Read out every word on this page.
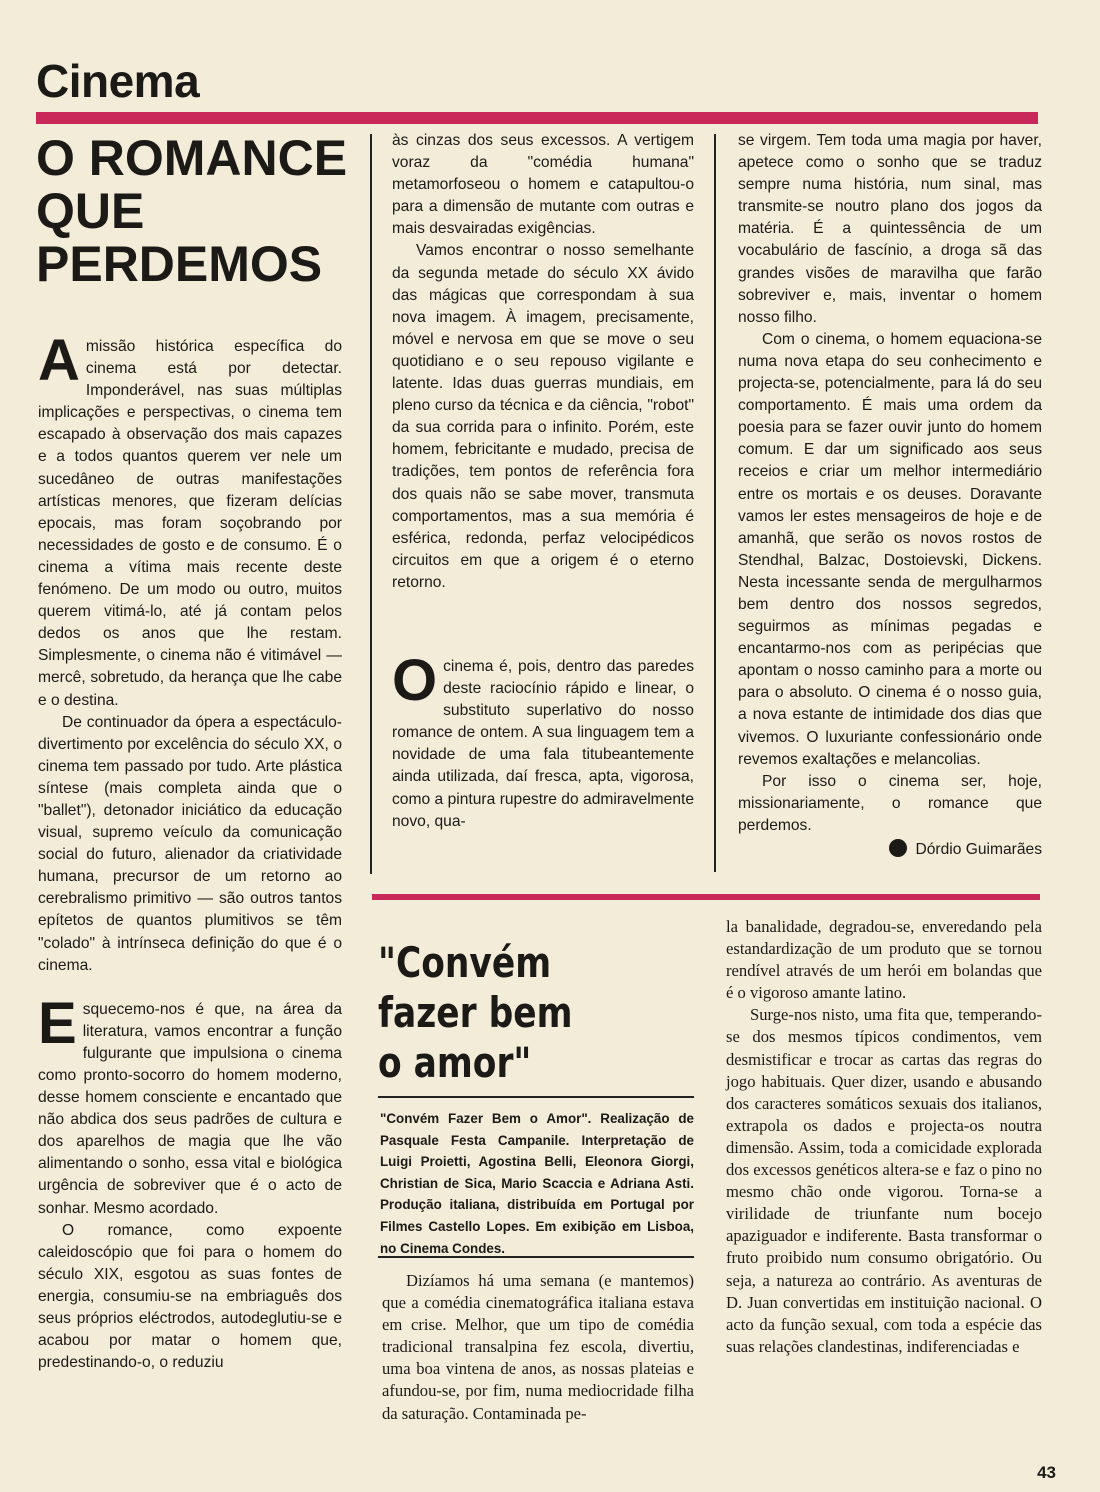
Cinema
O ROMANCE
QUE
PERDEMOS

Amissão histórica específica do cinema está por detectar. Imponderável, nas suas múltiplas implicações e perspectivas, o cinema tem escapado à observação dos mais capazes e a todos quantos querem ver nele um sucedâneo de outras manifestações artísticas menores, que fizeram delícias epocais, mas foram soçobrando por necessidades de gosto e de consumo. É o cinema a vítima mais recente deste fenómeno. De um modo ou outro, muitos querem vitimá-lo, até já contam pelos dedos os anos que lhe restam. Simplesmente, o cinema não é vitimável — mercê, sobretudo, da herança que lhe cabe e o destina.

De continuador da ópera a espectáculo-divertimento por excelência do século XX, o cinema tem passado por tudo. Arte plástica síntese (mais completa ainda que o "ballet"), detonador iniciático da educação visual, supremo veículo da comunicação social do futuro, alienador da criatividade humana, precursor de um retorno ao cerebralismo primitivo — são outros tantos epítetos de quantos plumitivos se têm "colado" à intrínseca definição do que é o cinema.

Esquecemo-nos é que, na área da literatura, vamos encontrar a função fulgurante que impulsiona o cinema como pronto-socorro do homem moderno, desse homem consciente e encantado que não abdica dos seus padrões de cultura e dos aparelhos de magia que lhe vão alimentando o sonho, essa vital e biológica urgência de sobreviver que é o acto de sonhar. Mesmo acordado.

O romance, como expoente caleidoscópio que foi para o homem do século XIX, esgotou as suas fontes de energia, consumiu-se na embriaguês dos seus próprios eléctrodos, autodeglutiu-se e acabou por matar o homem que, predestinando-o, o reduziu

às cinzas dos seus excessos. A vertigem voraz da "comédia humana" metamorfoseou o homem e catapultou-o para a dimensão de mutante com outras e mais desvairadas exigências.

Vamos encontrar o nosso semelhante da segunda metade do século XX ávido das mágicas que correspondam à sua nova imagem. À imagem, precisamente, móvel e nervosa em que se move o seu quotidiano e o seu repouso vigilante e latente. Idas duas guerras mundiais, em pleno curso da técnica e da ciência, "robot" da sua corrida para o infinito. Porém, este homem, febricitante e mudado, precisa de tradições, tem pontos de referência fora dos quais não se sabe mover, transmuta comportamentos, mas a sua memória é esférica, redonda, perfaz velocipédicos circuitos em que a origem é o eterno retorno.

Ocinema é, pois, dentro das paredes deste raciocínio rápido e linear, o substituto superlativo do nosso romance de ontem. A sua linguagem tem a novidade de uma fala titubeantemente ainda utilizada, daí fresca, apta, vigorosa, como a pintura rupestre do admiravelmente novo, qua-

se virgem. Tem toda uma magia por haver, apetece como o sonho que se traduz sempre numa história, num sinal, mas transmite-se noutro plano dos jogos da matéria. É a quintessência de um vocabulário de fascínio, a droga sã das grandes visões de maravilha que farão sobreviver e, mais, inventar o homem nosso filho.

Com o cinema, o homem equaciona-se numa nova etapa do seu conhecimento e projecta-se, potencialmente, para lá do seu comportamento. É mais uma ordem da poesia para se fazer ouvir junto do homem comum. E dar um significado aos seus receios e criar um melhor intermediário entre os mortais e os deuses. Doravante vamos ler estes mensageiros de hoje e de amanhã, que serão os novos rostos de Stendhal, Balzac, Dostoievski, Dickens. Nesta incessante senda de mergulharmos bem dentro dos nossos segredos, seguirmos as mínimas pegadas e encantarmo-nos com as peripécias que apontam o nosso caminho para a morte ou para o absoluto. O cinema é o nosso guia, a nova estante de intimidade dos dias que vivemos. O luxuriante confessionário onde revemos exaltações e melancolias.

Por isso o cinema ser, hoje, missionariamente, o romance que perdemos.

Dórdio Guimarães
"Convém
fazer bem
o amor"
"Convém Fazer Bem o Amor". Realização de Pasquale Festa Campanile. Interpretação de Luigi Proietti, Agostina Belli, Eleonora Giorgi, Christian de Sica, Mario Scaccia e Adriana Asti. Produção italiana, distribuída em Portugal por Filmes Castello Lopes. Em exibição em Lisboa, no Cinema Condes.

Dizíamos há uma semana (e mantemos) que a comédia cinematográfica italiana estava em crise. Melhor, que um tipo de comédia tradicional transalpina fez escola, divertiu, uma boa vintena de anos, as nossas plateias e afundou-se, por fim, numa mediocridade filha da saturação. Contaminada pe-

la banalidade, degradou-se, enveredando pela estandardização de um produto que se tornou rendível através de um herói em bolandas que é o vigoroso amante latino.

Surge-nos nisto, uma fita que, temperando-se dos mesmos típicos condimentos, vem desmistificar e trocar as cartas das regras do jogo habituais. Quer dizer, usando e abusando dos caracteres somáticos sexuais dos italianos, extrapola os dados e projecta-os noutra dimensão. Assim, toda a comicidade explorada dos excessos genéticos altera-se e faz o pino no mesmo chão onde vigorou. Torna-se a virilidade de triunfante num bocejo apaziguador e indiferente. Basta transformar o fruto proibido num consumo obrigatório. Ou seja, a natureza ao contrário. As aventuras de D. Juan convertidas em instituição nacional. O acto da função sexual, com toda a espécie das suas relações clandestinas, indiferenciadas e

43
